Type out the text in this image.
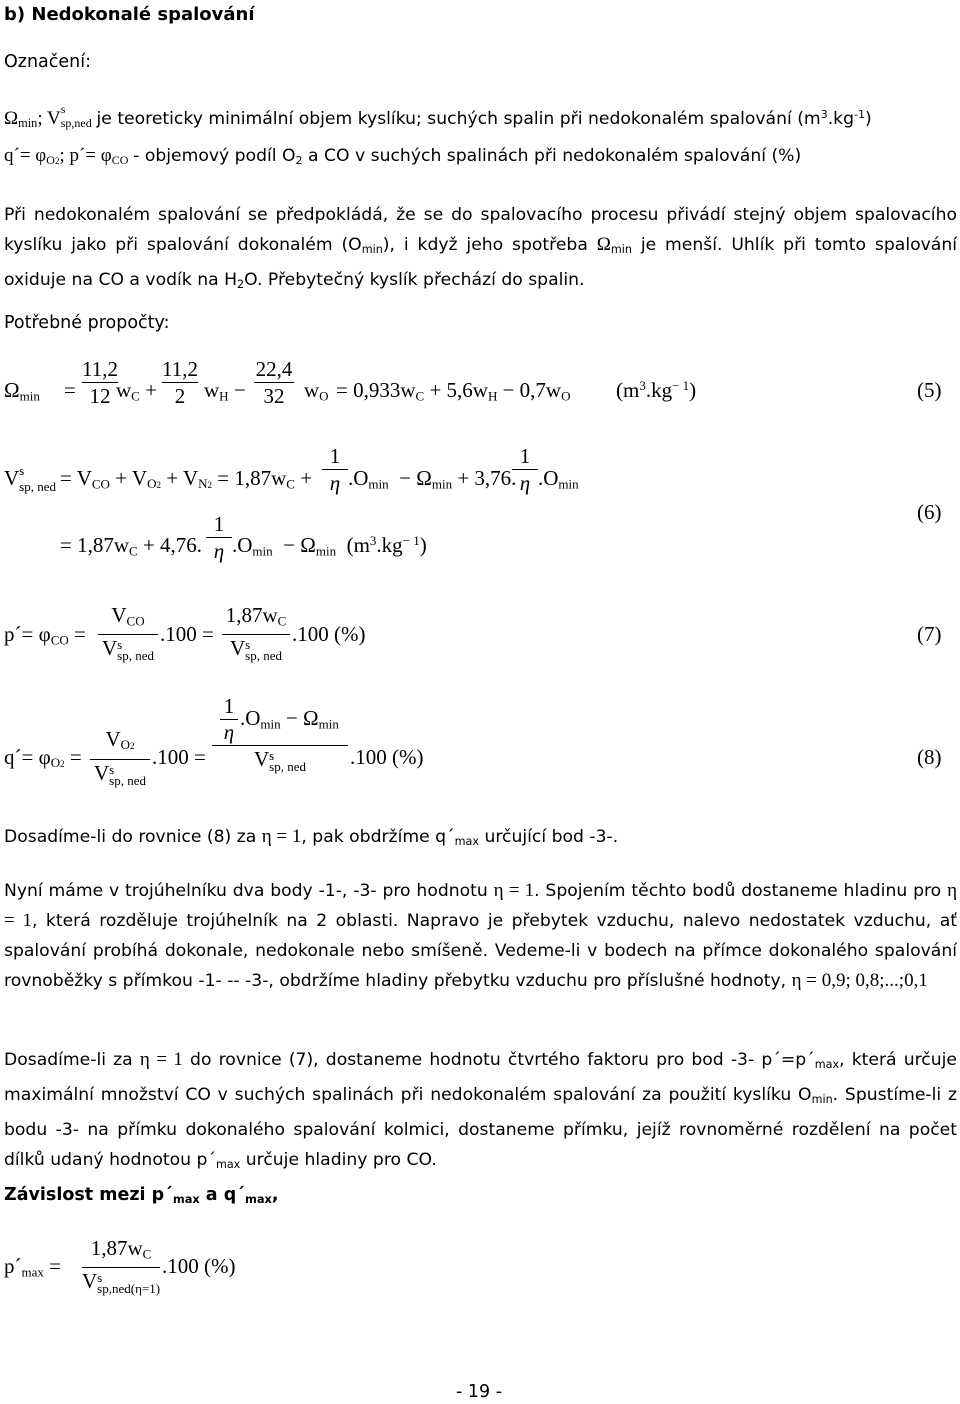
b) Nedokonalé spalování
Označení:
$\Omega_{min}$; V s
$_{sp,ned}$ je teoreticky minimální objem kyslíku; suchých spalin při nedokonalém spalování $(m^3.kg^{-1})$
q´= $\varphi_{O2}$; p´= $\varphi_{CO}$ - objemový podíl $O_2$ a CO v suchých spalinách při nedokonalém spalování (%)
Při nedokonalém spalování se předpokládá, že se do spalovacího procesu přivádí stejný objem spalovacího kyslíku jako při spalování dokonalém $(O_{min})$, i když jeho spotřeba $\Omega_{min}$ je menší. Uhlík při tomto spalování oxiduje na CO a vodík na $H_2O$. Přebytečný kyslík přechází do spalin.
Potřebné propočty:
$\Omega_{min}$ =
11,2
12 $w_C$ +
11,2
2 $w_H$ −
22,4
32 $w_O = 0,933w_C + 5,6w_H - 0,7w_O$ $(m^3.kg^{- 1})$	(5)
V s
sp, ned = $V_{CO} + V_{O2} + V_{N2} = 1,87w_C$ +
1
η $.O_{min} - \Omega_{min} + 3,76$.
1
η $.O_{min}$
= $1,87w_C + 4,76$.
1
η $.O_{min} - \Omega_{min}$ $(m^3.kg^{- 1})$
(6)
p´= $\varphi_{CO}$ =
$V_{CO}$
V s
sp, ned
.100 =
$1,87w_C$
V s
sp, ned
.100 (%)	(7)
q´= $\varphi_{O2}$ =
$V_{O2}$
V s
sp, ned
.100 =
1
η
$.O_{min} - \Omega_{min}$
V s
sp, ned	.100 (%)	(8)
Dosadíme-li do rovnice (8) za η = 1, pak obdržíme $q´_{max}$ určující bod -3-.
Nyní máme v trojúhelníku dva body -1-, -3- pro hodnotu η = 1. Spojením těchto bodů dostaneme hladinu pro η = 1, která rozděluje trojúhelník na 2 oblasti. Napravo je přebytek vzduchu, nalevo nedostatek vzduchu, ať spalování probíhá dokonale, nedokonale nebo smíšeně. Vedeme-li v bodech na přímce dokonalého spalování rovnoběžky s přímkou -1- -- -3-, obdržíme hladiny přebytku vzduchu pro příslušné hodnoty, η = 0,9; 0,8;...;0,1
Dosadíme-li za η = 1 do rovnice (7), dostaneme hodnotu čtvrtého faktoru pro bod -3- $p´=p´_{max}$, která určuje maximální množství CO v suchých spalinách při nedokonalém spalování za použití kyslíku $O_{min}$. Spustíme-li z bodu -3- na přímku dokonalého spalování kolmici, dostaneme přímku, jejíž rovnoměrné rozdělení na počet dílků udaný hodnotou $p´_{max}$ určuje hladiny pro CO.
Závislost mezi $p´_{max}$ a $q´_{max}$,
$p´_{max}$ =
$1,87w_C$
V s
sp,ned(η=1)
.100 (%)
- 19 -
